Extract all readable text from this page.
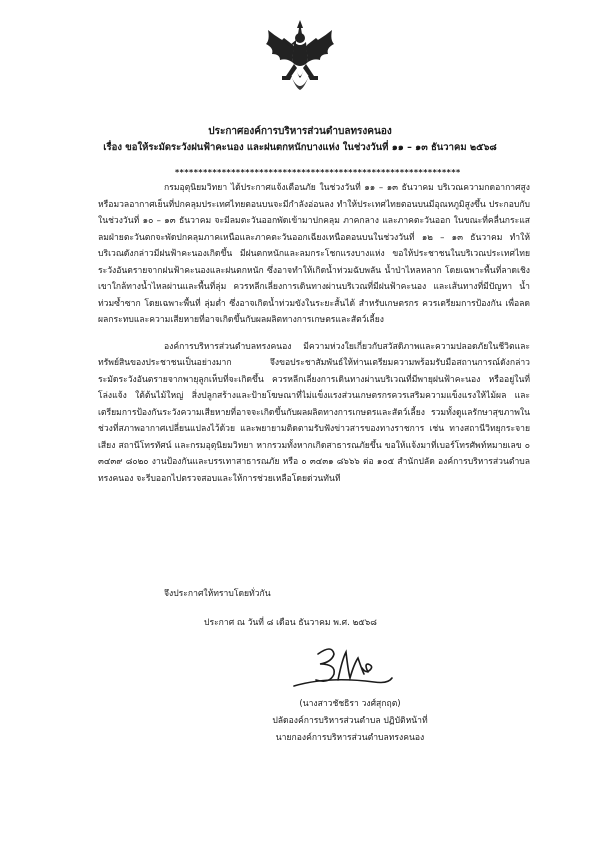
ประกาศองค์การบริหารส่วนตำบลทรงคนอง
เรื่อง ขอให้ระมัดระวังฝนฟ้าคะนอง และฝนตกหนักบางแห่ง ในช่วงวันที่ ๑๑ – ๑๓ ธันวาคม ๒๕๖๘
*************************************************************

กรมอุตุนิยมวิทยา ได้ประกาศแจ้งเตือนภัย ในช่วงวันที่ ๑๑ – ๑๓ ธันวาคม บริเวณความกดอากาศสูงหรือมวลอากาศเย็นที่ปกคลุมประเทศไทยตอนบนจะมีกำลังอ่อนลง ทำให้ประเทศไทยตอนบนมีอุณหภูมิสูงขึ้น ประกอบกับในช่วงวันที่ ๑๐ – ๑๓ ธันวาคม จะมีลมตะวันออกพัดเข้ามาปกคลุม ภาคกลาง และภาคตะวันออก ในขณะที่คลื่นกระแสลมฝ่ายตะวันตกจะพัดปกคลุมภาคเหนือและภาคตะวันออกเฉียงเหนือตอนบนในช่วงวันที่ ๑๒ – ๑๓ ธันวาคม ทำให้บริเวณดังกล่าวมีฝนฟ้าคะนองเกิดขึ้น มีฝนตกหนักและลมกระโชกแรงบางแห่ง ขอให้ประชาชนในบริเวณประเทศไทยระวังอันตรายจากฝนฟ้าคะนองและฝนตกหนัก ซึ่งอาจทำให้เกิดน้ำท่วมฉับพลัน น้ำป่าไหลหลาก โดยเฉพาะพื้นที่ลาดเชิงเขาใกล้ทางน้ำไหลผ่านและพื้นที่ลุ่ม ควรหลีกเลี่ยงการเดินทางผ่านบริเวณที่มีฝนฟ้าคะนอง และเส้นทางที่มีปัญหา น้ำท่วมซ้ำซาก โดยเฉพาะพื้นที่ ลุ่มต่ำ ซึ่งอาจเกิดน้ำท่วมขังในระยะสั้นได้ สำหรับเกษตรกร ควรเตรียมการป้องกัน เพื่อลดผลกระทบและความเสียหายที่อาจเกิดขึ้นกับผลผลิตทางการเกษตรและสัตว์เลี้ยง

องค์การบริหารส่วนตำบลทรงคนอง มีความห่วงใยเกี่ยวกับสวัสดิภาพและความปลอดภัยในชีวิตและทรัพย์สินของประชาชนเป็นอย่างมาก จึงขอประชาสัมพันธ์ให้ท่านเตรียมความพร้อมรับมือสถานการณ์ดังกล่าว ระมัดระวังอันตรายจากพายุลูกเห็บที่จะเกิดขึ้น ควรหลีกเลี่ยงการเดินทางผ่านบริเวณที่มีพายุฝนฟ้าคะนอง หรืออยู่ในที่โล่งแจ้ง ใต้ต้นไม้ใหญ่ สิ่งปลูกสร้างและป้ายโฆษณาที่ไม่แข็งแรงส่วนเกษตรกรควรเสริมความแข็งแรงให้ไม้ผล และเตรียมการป้องกันระวังความเสียหายที่อาจจะเกิดขึ้นกับผลผลิตทางการเกษตรและสัตว์เลี้ยง รวมทั้งดูแลรักษาสุขภาพในช่วงที่สภาพอากาศเปลี่ยนแปลงไว้ด้วย และพยายามติดตามรับฟังข่าวสารของทางราชการ เช่น ทางสถานีวิทยุกระจายเสียง สถานีโทรทัศน์ และกรมอุตุนิยมวิทยา หากรวมทั้งหากเกิดสาธารณภัยขึ้น ขอให้แจ้งมาที่เบอร์โทรศัพท์หมายเลข ๐ ๓๔๓๙ ๘๐๒๐ งานป้องกันและบรรเทาสาธารณภัย หรือ ๐ ๓๔๓๑ ๘๖๖๖ ต่อ ๑๐๕ สำนักปลัด องค์การบริหารส่วนตำบลทรงคนอง จะรีบออกไปตรวจสอบและให้การช่วยเหลือโดยด่วนทันที

จึงประกาศให้ทราบโดยทั่วกัน
ประกาศ ณ วันที่ ๘ เดือน ธันวาคม พ.ศ. ๒๕๖๘
(นางสาวชัชธิรา วงศ์สุกฤต)
ปลัดองค์การบริหารส่วนตำบล ปฏิบัติหน้าที่
นายกองค์การบริหารส่วนตำบลทรงคนอง
